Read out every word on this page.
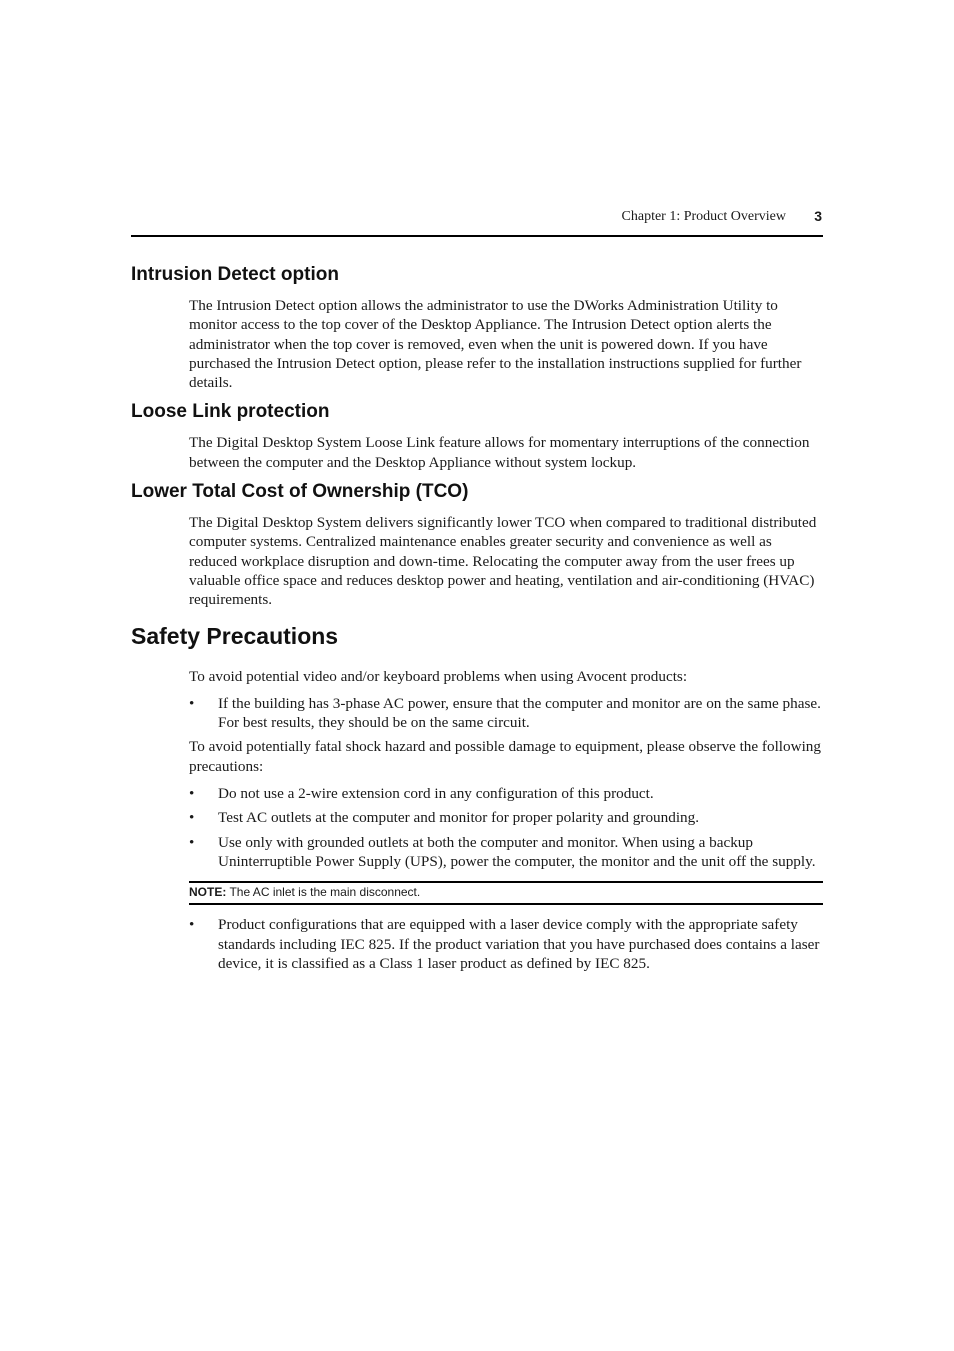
Chapter 1: Product Overview 3
Intrusion Detect option

The Intrusion Detect option allows the administrator to use the DWorks Administration Utility to monitor access to the top cover of the Desktop Appliance. The Intrusion Detect option alerts the administrator when the top cover is removed, even when the unit is powered down. If you have purchased the Intrusion Detect option, please refer to the installation instructions supplied for further details.

Loose Link protection

The Digital Desktop System Loose Link feature allows for momentary interruptions of the connection between the computer and the Desktop Appliance without system lockup.

Lower Total Cost of Ownership (TCO)

The Digital Desktop System delivers significantly lower TCO when compared to traditional distributed computer systems. Centralized maintenance enables greater security and convenience as well as reduced workplace disruption and down-time. Relocating the computer away from the user frees up valuable office space and reduces desktop power and heating, ventilation and air-conditioning (HVAC) requirements.

Safety Precautions

To avoid potential video and/or keyboard problems when using Avocent products:

• If the building has 3-phase AC power, ensure that the computer and monitor are on the same phase. For best results, they should be on the same circuit.

To avoid potentially fatal shock hazard and possible damage to equipment, please observe the following precautions:

• Do not use a 2-wire extension cord in any configuration of this product.
• Test AC outlets at the computer and monitor for proper polarity and grounding.
• Use only with grounded outlets at both the computer and monitor. When using a backup Uninterruptible Power Supply (UPS), power the computer, the monitor and the unit off the supply.
NOTE: The AC inlet is the main disconnect.
• Product configurations that are equipped with a laser device comply with the appropriate safety standards including IEC 825. If the product variation that you have purchased does contains a laser device, it is classified as a Class 1 laser product as defined by IEC 825.
